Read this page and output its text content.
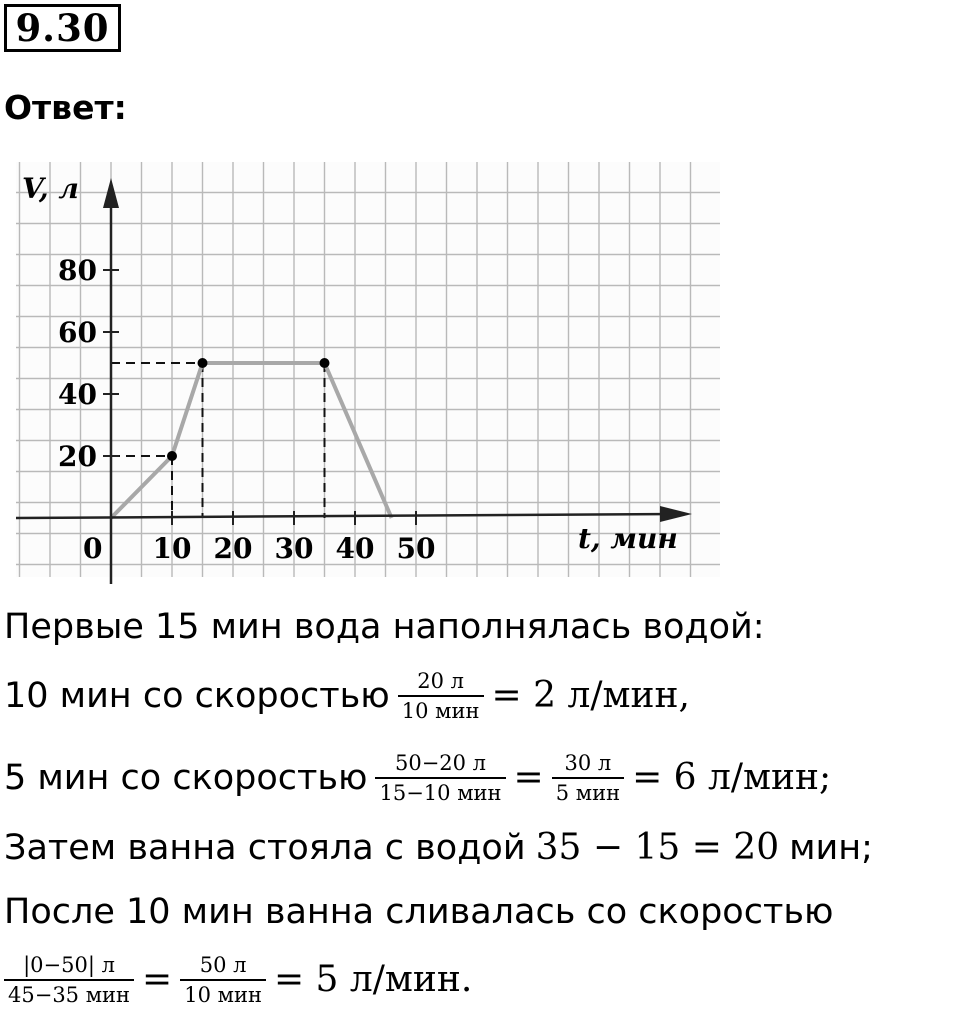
9.30
Ответ:
10 20 30 40 50
20
40
60
80
V, л
t, мин
0
Первые 15 мин вода наполнялась водой:
10 мин со скоростью $\frac{20 л}{\text{10 мин}} = 2$ л/мин,
5 мин со скоростью $\frac{50-20 л}{\text{15−10 мин}} = \frac{30 л}{\text{5 мин}} = 6$ л/мин;
Затем ванна стояла с водой 35 − 15 = 20 мин;
После 10 мин ванна сливалась со скоростью
$\frac{|0-50| л}{\text{45−35 мин}} = \frac{50 л}{\text{10 мин}} = 5$ л/мин.
